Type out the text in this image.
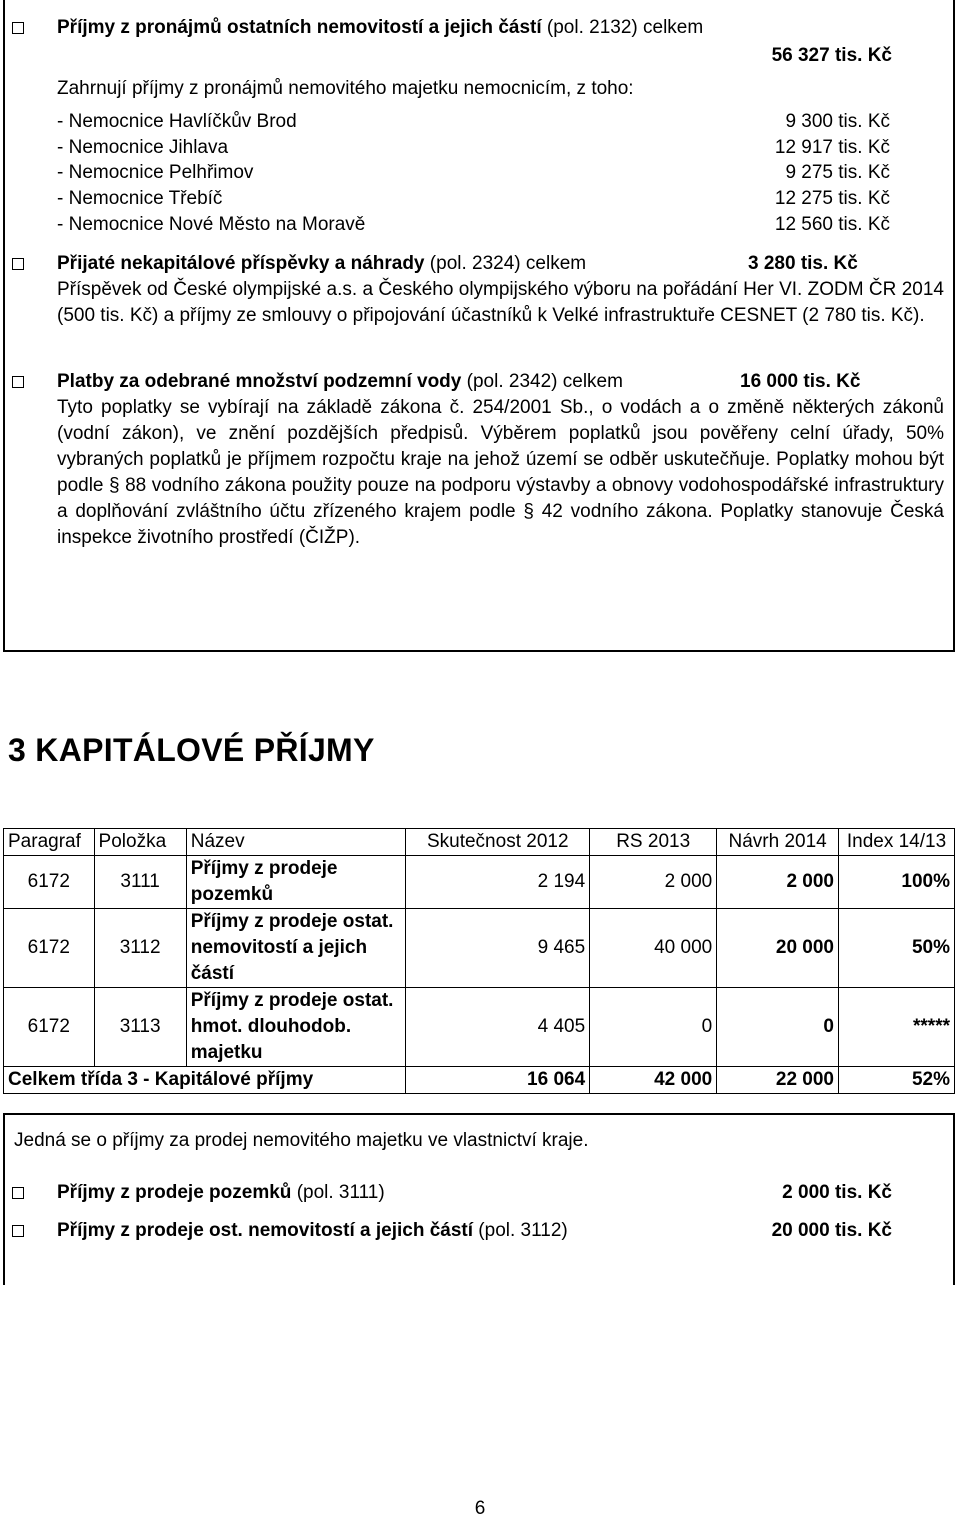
Příjmy z pronájmů ostatních nemovitostí a jejich částí (pol. 2132) celkem
56 327 tis. Kč
Zahrnují příjmy z pronájmů nemovitého majetku nemocnicím, z toho:
- Nemocnice Havlíčkův Brod	9 300 tis. Kč
- Nemocnice Jihlava	12 917 tis. Kč
- Nemocnice Pelhřimov	9 275 tis. Kč
- Nemocnice Třebíč	12 275 tis. Kč
- Nemocnice Nové Město na Moravě	12 560 tis. Kč
Přijaté nekapitálové příspěvky a náhrady (pol. 2324) celkem	3 280 tis. Kč
Příspěvek od České olympijské a.s. a Českého olympijského výboru na pořádání Her VI. ZODM ČR 2014 (500 tis. Kč) a příjmy ze smlouvy o připojování účastníků k Velké infrastruktuře CESNET (2 780 tis. Kč).
Platby za odebrané množství podzemní vody (pol. 2342) celkem	16 000 tis. Kč
Tyto poplatky se vybírají na základě zákona č. 254/2001 Sb., o vodách a o změně některých zákonů (vodní zákon), ve znění pozdějších předpisů. Výběrem poplatků jsou pověřeny celní úřady, 50% vybraných poplatků je příjmem rozpočtu kraje na jehož území se odběr uskutečňuje. Poplatky mohou být podle § 88 vodního zákona použity pouze na podporu výstavby a obnovy vodohospodářské infrastruktury a doplňování zvláštního účtu zřízeného krajem podle § 42 vodního zákona. Poplatky stanovuje Česká inspekce životního prostředí (ČIŽP).
3 KAPITÁLOVÉ PŘÍJMY
Paragraf	Položka	Název	Skutečnost 2012	RS 2013	Návrh 2014	Index 14/13
6172	3111	Příjmy z prodeje pozemků	2 194	2 000	2 000	100%
6172	3112	Příjmy z prodeje ostat. nemovitostí a jejich částí	9 465	40 000	20 000	50%
6172	3113	Příjmy z prodeje ostat. hmot. dlouhodob. majetku	4 405	0	0	*****
Celkem třída 3 - Kapitálové příjmy			16 064	42 000	22 000	52%
Jedná se o příjmy za prodej nemovitého majetku ve vlastnictví kraje.
Příjmy z prodeje pozemků (pol. 3111)	2 000 tis. Kč
Příjmy z prodeje ost. nemovitostí a jejich částí (pol. 3112)	20 000 tis. Kč
6
